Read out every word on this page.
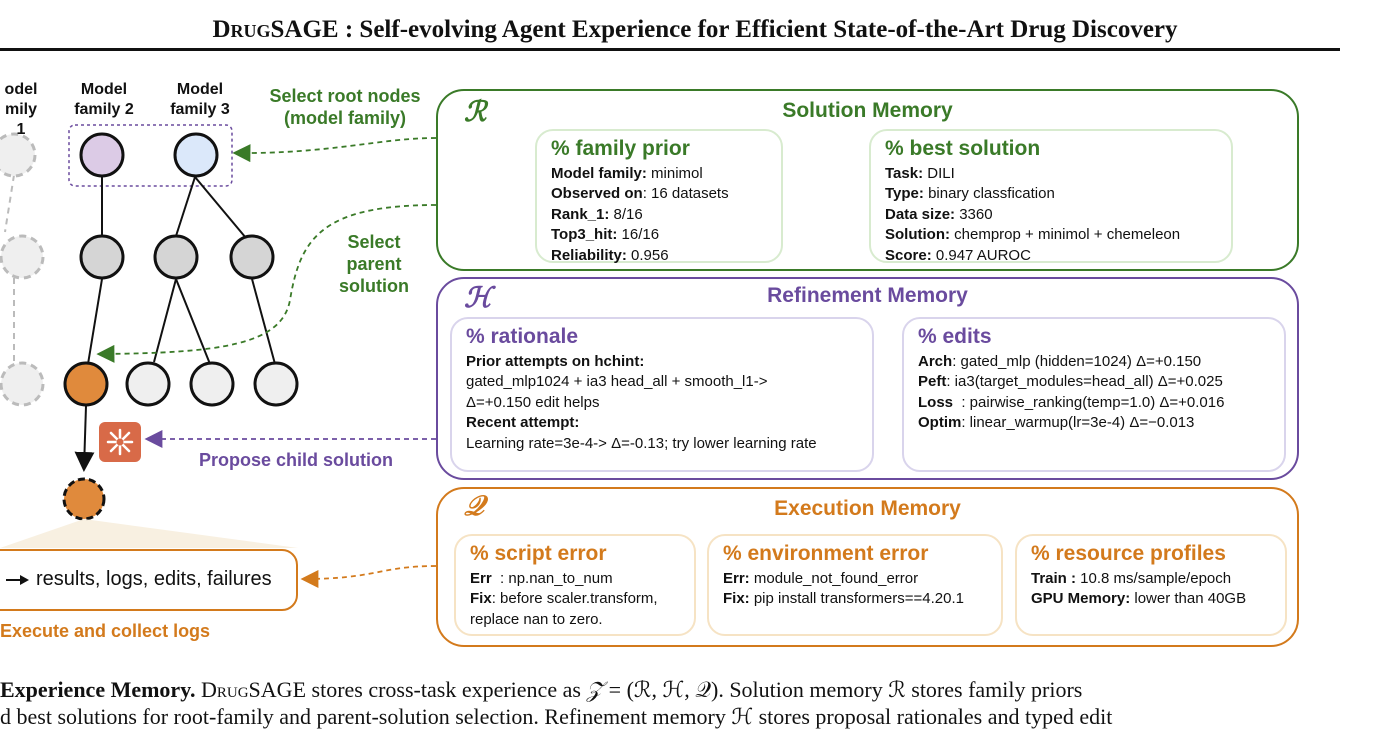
DrugSAGE : Self-evolving Agent Experience for Efficient State-of-the-Art Drug Discovery
odel
mily 1
Model
family 2
Model
family 3
Select root nodes
(model family)
Select
parent
solution
Propose child solution
Execute and collect logs
results, logs, edits, failures
ℛ	Solution Memory
% family prior
Model family: minimol
Observed on: 16 datasets
Rank_1: 8/16
Top3_hit: 16/16
Reliability: 0.956
% best solution
Task: DILI
Type: binary classfication
Data size: 3360
Solution: chemprop + minimol + chemeleon
Score: 0.947 AUROC
ℋ	Refinement Memory
% rationale
Prior attempts on hchint:
gated_mlp1024 + ia3 head_all + smooth_l1->
Δ=+0.150 edit helps
Recent attempt:
Learning rate=3e-4-> Δ=-0.13; try lower learning rate
% edits
Arch: gated_mlp (hidden=1024) Δ=+0.150
Peft: ia3(target_modules=head_all) Δ=+0.025
Loss  : pairwise_ranking(temp=1.0) Δ=+0.016
Optim: linear_warmup(lr=3e-4) Δ=−0.013
𝒬	Execution Memory
% script error
Err  : np.nan_to_num
Fix: before scaler.transform,
replace nan to zero.
% environment error
Err: module_not_found_error
Fix: pip install transformers==4.20.1
% resource profiles
Train : 10.8 ms/sample/epoch
GPU Memory: lower than 40GB
Experience Memory. DrugSAGE stores cross-task experience as 𝒵 = (ℛ, ℋ, 𝒬). Solution memory ℛ stores family priors
d best solutions for root-family and parent-solution selection. Refinement memory ℋ stores proposal rationales and typed edit
